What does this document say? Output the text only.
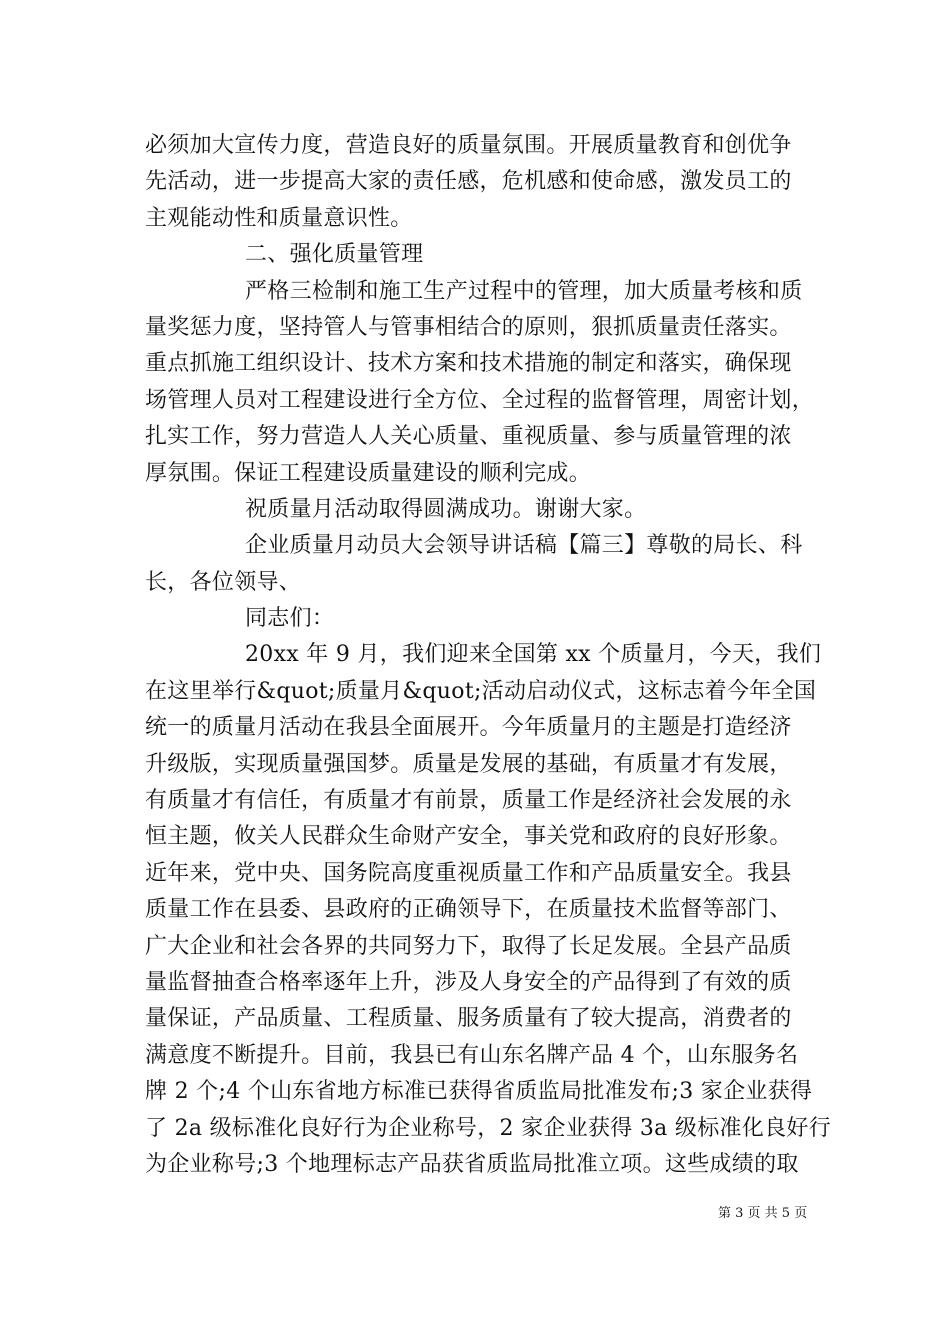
必须加大宣传力度，营造良好的质量氛围。开展质量教育和创优争
先活动，进一步提高大家的责任感，危机感和使命感，激发员工的
主观能动性和质量意识性。
二、强化质量管理
严格三检制和施工生产过程中的管理，加大质量考核和质
量奖惩力度，坚持管人与管事相结合的原则，狠抓质量责任落实。
重点抓施工组织设计、技术方案和技术措施的制定和落实，确保现
场管理人员对工程建设进行全方位、全过程的监督管理，周密计划，
扎实工作，努力营造人人关心质量、重视质量、参与质量管理的浓
厚氛围。保证工程建设质量建设的顺利完成。
祝质量月活动取得圆满成功。谢谢大家。
企业质量月动员大会领导讲话稿【篇三】尊敬的局长、科
长，各位领导、
同志们：
20xx 年 9 月，我们迎来全国第 xx 个质量月，今天，我们
在这里举行&quot;质量月&quot;活动启动仪式，这标志着今年全国
统一的质量月活动在我县全面展开。今年质量月的主题是打造经济
升级版，实现质量强国梦。质量是发展的基础，有质量才有发展，
有质量才有信任，有质量才有前景，质量工作是经济社会发展的永
恒主题，攸关人民群众生命财产安全，事关党和政府的良好形象。
近年来，党中央、国务院高度重视质量工作和产品质量安全。我县
质量工作在县委、县政府的正确领导下，在质量技术监督等部门、
广大企业和社会各界的共同努力下，取得了长足发展。全县产品质
量监督抽查合格率逐年上升，涉及人身安全的产品得到了有效的质
量保证，产品质量、工程质量、服务质量有了较大提高，消费者的
满意度不断提升。目前，我县已有山东名牌产品 4 个，山东服务名
牌 2 个;4 个山东省地方标准已获得省质监局批准发布;3 家企业获得
了 2a 级标准化良好行为企业称号，2 家企业获得 3a 级标准化良好行
为企业称号;3 个地理标志产品获省质监局批准立项。这些成绩的取
第 3 页 共 5 页
